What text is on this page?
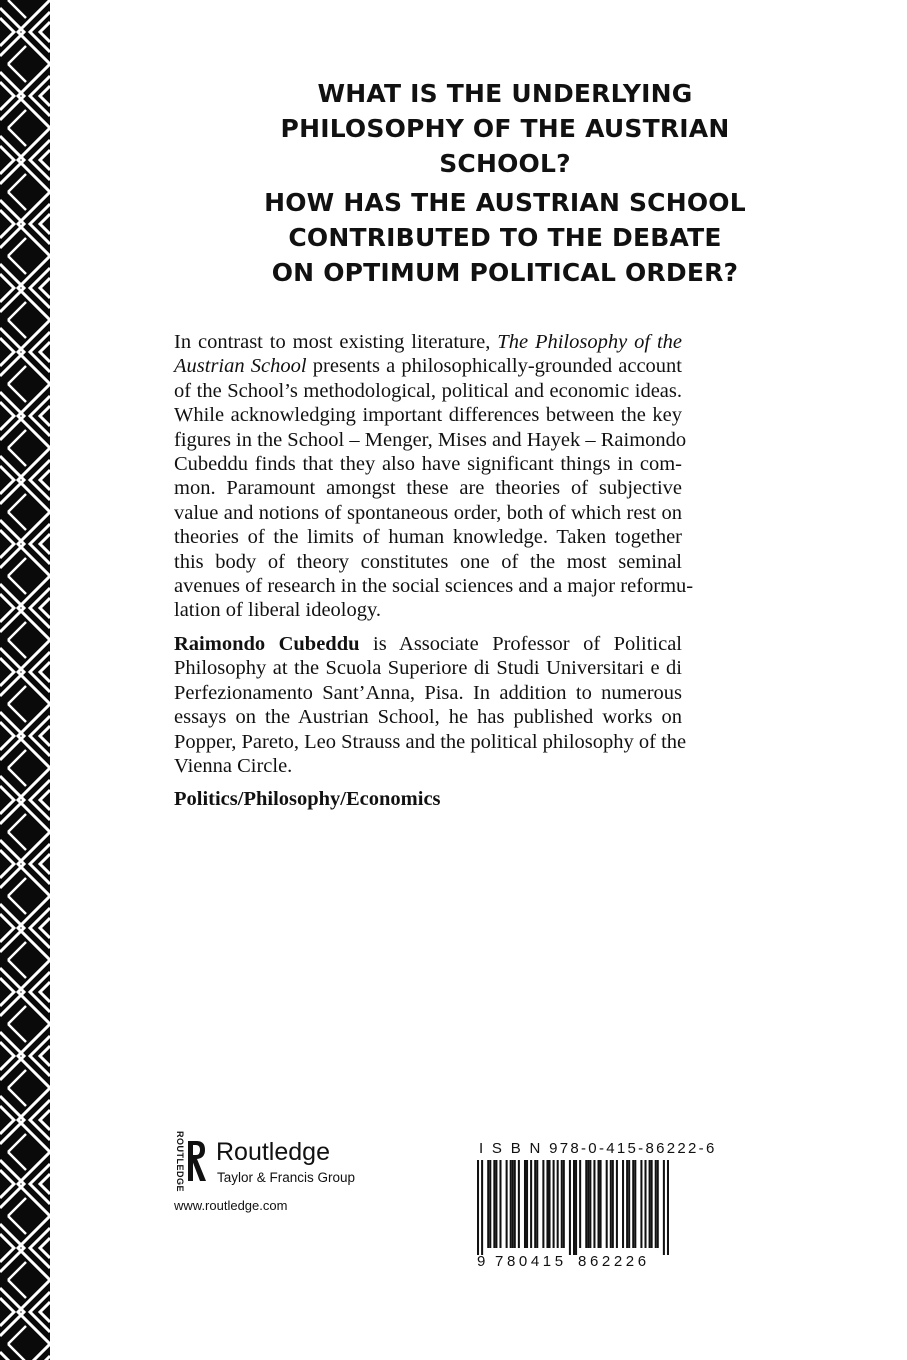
WHAT IS THE UNDERLYING
PHILOSOPHY OF THE AUSTRIAN
SCHOOL?
HOW HAS THE AUSTRIAN SCHOOL
CONTRIBUTED TO THE DEBATE
ON OPTIMUM POLITICAL ORDER?
In contrast to most existing literature, The Philosophy of the
Austrian School presents a philosophically-grounded account
of the School’s methodological, political and economic ideas.
While acknowledging important differences between the key
figures in the School – Menger, Mises and Hayek – Raimondo
Cubeddu finds that they also have significant things in com-
mon. Paramount amongst these are theories of subjective
value and notions of spontaneous order, both of which rest on
theories of the limits of human knowledge. Taken together
this body of theory constitutes one of the most seminal
avenues of research in the social sciences and a major reformu-
lation of liberal ideology.
Raimondo Cubeddu is Associate Professor of Political
Philosophy at the Scuola Superiore di Studi Universitari e di
Perfezionamento Sant’Anna, Pisa. In addition to numerous
essays on the Austrian School, he has published works on
Popper, Pareto, Leo Strauss and the political philosophy of the
Vienna Circle.
Politics/Philosophy/Economics
ROUTLEDGE Routledge
Taylor & Francis Group
www.routledge.com
I S B N 978-0-415-86222-6
9 780415 862226
